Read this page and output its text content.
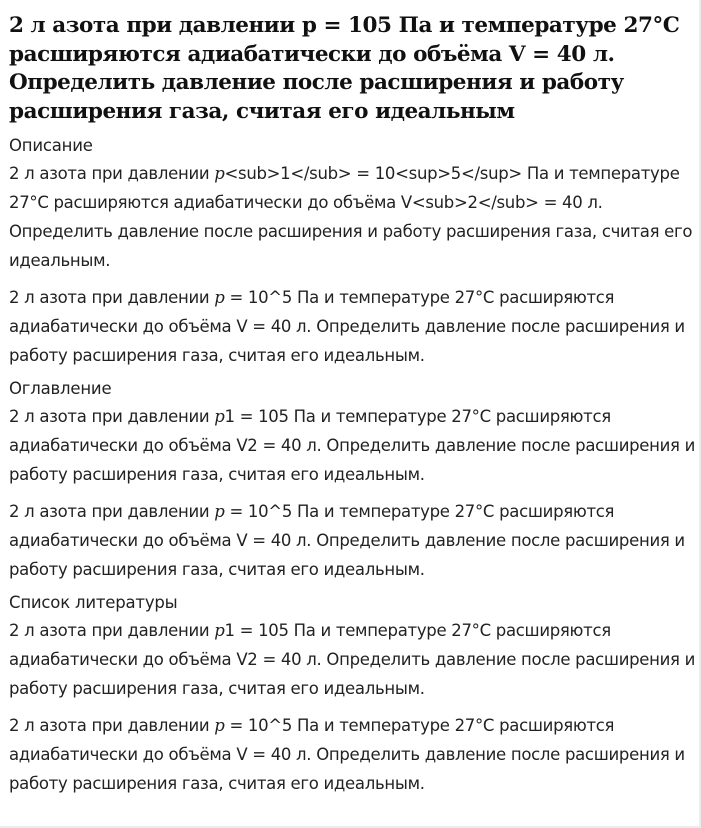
2 л азота при давлении p = 105 Па и температуре 27°С расширяются адиабатически до объёма V = 40 л. Определить давление после расширения и работу расширения газа, считая его идеальным
Описание

2 л азота при давлении p<sub>1</sub> = 10<sup>5</sup> Па и температуре 27°С расширяются адиабатически до объёма V<sub>2</sub> = 40 л. Определить давление после расширения и работу расширения газа, считая его идеальным.

2 л азота при давлении p = 10^5 Па и температуре 27°С расширяются адиабатически до объёма V = 40 л. Определить давление после расширения и работу расширения газа, считая его идеальным.

Оглавление

2 л азота при давлении p1 = 105 Па и температуре 27°С расширяются адиабатически до объёма V2 = 40 л. Определить давление после расширения и работу расширения газа, считая его идеальным.

2 л азота при давлении p = 10^5 Па и температуре 27°С расширяются адиабатически до объёма V = 40 л. Определить давление после расширения и работу расширения газа, считая его идеальным.

Список литературы

2 л азота при давлении p1 = 105 Па и температуре 27°С расширяются адиабатически до объёма V2 = 40 л. Определить давление после расширения и работу расширения газа, считая его идеальным.

2 л азота при давлении p = 10^5 Па и температуре 27°С расширяются адиабатически до объёма V = 40 л. Определить давление после расширения и работу расширения газа, считая его идеальным.
